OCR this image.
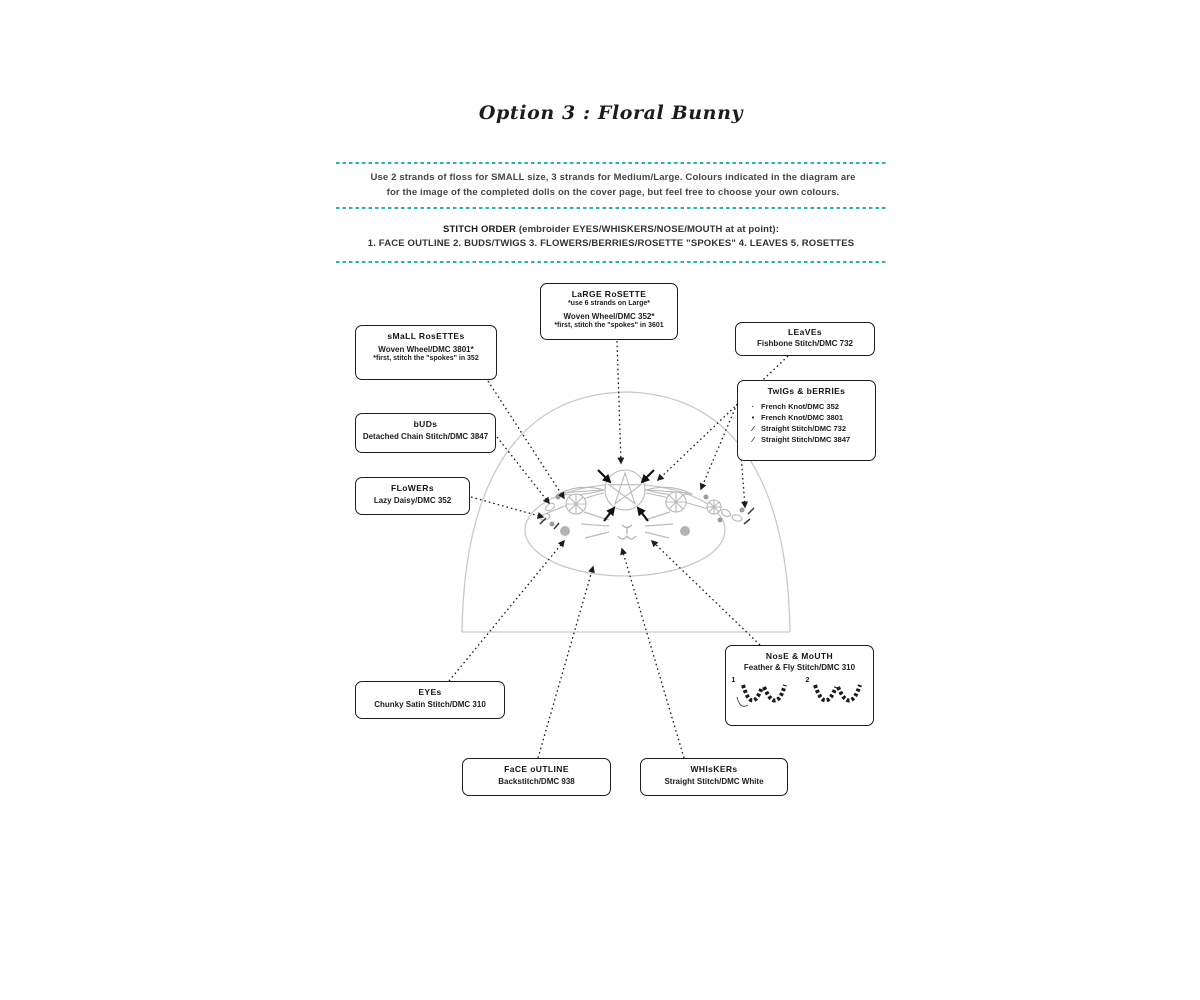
Option 3 : Floral Bunny
Use 2 strands of floss for SMALL size, 3 strands for Medium/Large. Colours indicated in the diagram are
for the image of the completed dolls on the cover page, but feel free to choose your own colours.
STITCH ORDER (embroider EYES/WHISKERS/NOSE/MOUTH at at point):
1. FACE OUTLINE 2. BUDS/TWIGS 3. FLOWERS/BERRIES/ROSETTE "SPOKES" 4. LEAVES 5. ROSETTES
sMaLL RosETTEs
Woven Wheel/DMC 3801*
*first, stitch the "spokes" in 352
LaRGE RoSETTE
*use 6 strands on Large*
Woven Wheel/DMC 352*
*first, stitch the "spokes" in 3601
LEaVEs
Fishbone Stitch/DMC 732
TwIGs & bERRIEs
· French Knot/DMC 352
• French Knot/DMC 3801
⁄ Straight Stitch/DMC 732
⁄ Straight Stitch/DMC 3847
bUDs
Detached Chain Stitch/DMC 3847
FLoWERs
Lazy Daisy/DMC 352
EYEs
Chunky Satin Stitch/DMC 310
NosE & MoUTH
Feather & Fly Stitch/DMC 310
1	2
FaCE oUTLINE
Backstitch/DMC 938
WHIsKERs
Straight Stitch/DMC White
